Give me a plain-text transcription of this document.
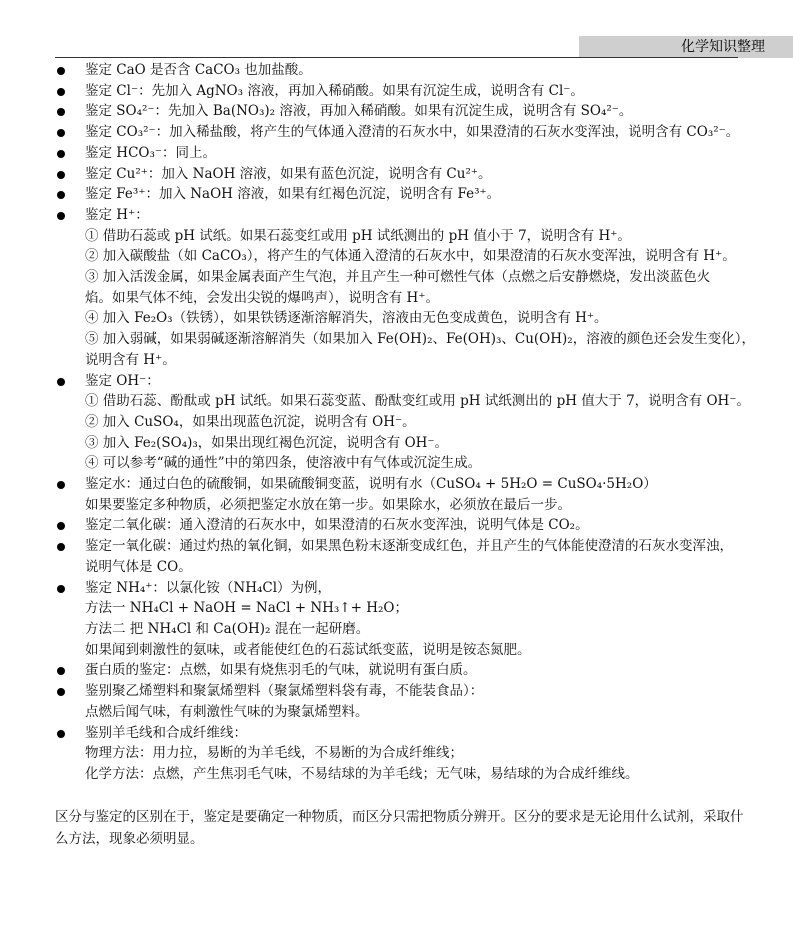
化学知识整理
鉴定 CaO 是否含 CaCO₃ 也加盐酸。
鉴定 Cl⁻：先加入 AgNO₃ 溶液，再加入稀硝酸。如果有沉淀生成，说明含有 Cl⁻。
鉴定 SO₄²⁻：先加入 Ba(NO₃)₂ 溶液，再加入稀硝酸。如果有沉淀生成，说明含有 SO₄²⁻。
鉴定 CO₃²⁻：加入稀盐酸，将产生的气体通入澄清的石灰水中，如果澄清的石灰水变浑浊，说明含有 CO₃²⁻。
鉴定 HCO₃⁻：同上。
鉴定 Cu²⁺：加入 NaOH 溶液，如果有蓝色沉淀，说明含有 Cu²⁺。
鉴定 Fe³⁺：加入 NaOH 溶液，如果有红褐色沉淀，说明含有 Fe³⁺。
鉴定 H⁺：
① 借助石蕊或 pH 试纸。如果石蕊变红或用 pH 试纸测出的 pH 值小于 7，说明含有 H⁺。
② 加入碳酸盐（如 CaCO₃），将产生的气体通入澄清的石灰水中，如果澄清的石灰水变浑浊，说明含有 H⁺。
③ 加入活泼金属，如果金属表面产生气泡，并且产生一种可燃性气体（点燃之后安静燃烧，发出淡蓝色火
焰。如果气体不纯，会发出尖锐的爆鸣声），说明含有 H⁺。
④ 加入 Fe₂O₃（铁锈），如果铁锈逐渐溶解消失，溶液由无色变成黄色，说明含有 H⁺。
⑤ 加入弱碱，如果弱碱逐渐溶解消失（如果加入 Fe(OH)₂、Fe(OH)₃、Cu(OH)₂，溶液的颜色还会发生变化），
说明含有 H⁺。
鉴定 OH⁻：
① 借助石蕊、酚酞或 pH 试纸。如果石蕊变蓝、酚酞变红或用 pH 试纸测出的 pH 值大于 7，说明含有 OH⁻。
② 加入 CuSO₄，如果出现蓝色沉淀，说明含有 OH⁻。
③ 加入 Fe₂(SO₄)₃，如果出现红褐色沉淀，说明含有 OH⁻。
④ 可以参考“碱的通性”中的第四条，使溶液中有气体或沉淀生成。
鉴定水：通过白色的硫酸铜，如果硫酸铜变蓝，说明有水（CuSO₄ + 5H₂O = CuSO₄·5H₂O）
如果要鉴定多种物质，必须把鉴定水放在第一步。如果除水，必须放在最后一步。
鉴定二氧化碳：通入澄清的石灰水中，如果澄清的石灰水变浑浊，说明气体是 CO₂。
鉴定一氧化碳：通过灼热的氧化铜，如果黑色粉末逐渐变成红色，并且产生的气体能使澄清的石灰水变浑浊，
说明气体是 CO。
鉴定 NH₄⁺：以氯化铵（NH₄Cl）为例，
方法一 NH₄Cl + NaOH = NaCl + NH₃↑+ H₂O；
方法二 把 NH₄Cl 和 Ca(OH)₂ 混在一起研磨。
如果闻到刺激性的氨味，或者能使红色的石蕊试纸变蓝，说明是铵态氮肥。
蛋白质的鉴定：点燃，如果有烧焦羽毛的气味，就说明有蛋白质。
鉴别聚乙烯塑料和聚氯烯塑料（聚氯烯塑料袋有毒，不能装食品）：
点燃后闻气味，有刺激性气味的为聚氯烯塑料。
鉴别羊毛线和合成纤维线：
物理方法：用力拉，易断的为羊毛线，不易断的为合成纤维线；
化学方法：点燃，产生焦羽毛气味，不易结球的为羊毛线；无气味，易结球的为合成纤维线。
区分与鉴定的区别在于，鉴定是要确定一种物质，而区分只需把物质分辨开。区分的要求是无论用什么试剂，采取什么方法，现象必须明显。
